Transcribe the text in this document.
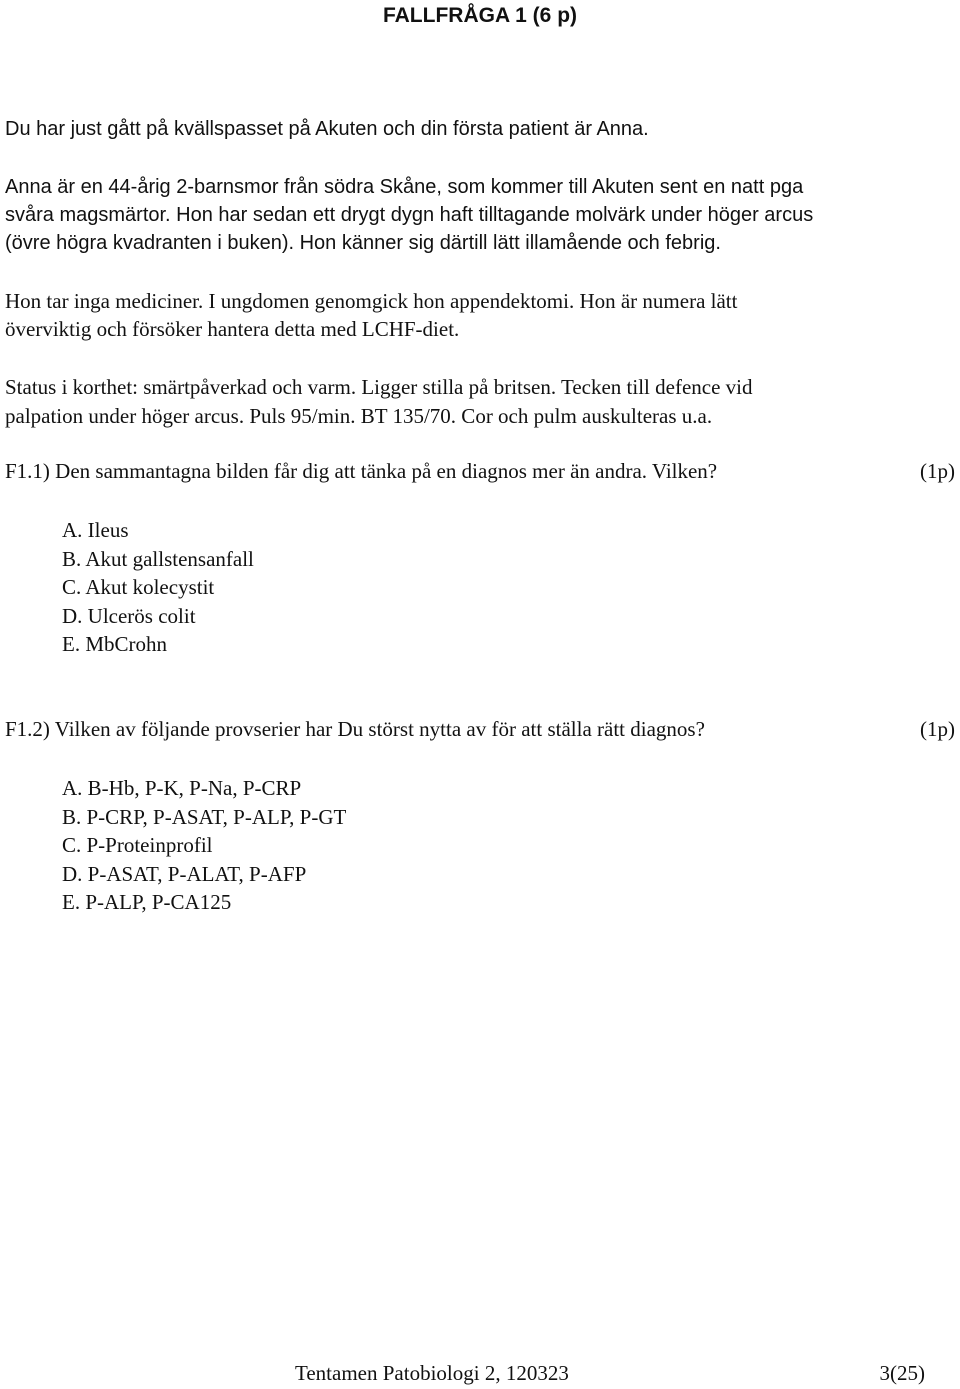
FALLFRÅGA 1 (6 p)
Du har just gått på kvällspasset på Akuten och din första patient är Anna.
Anna är en 44-årig 2-barnsmor från södra Skåne, som kommer till Akuten sent en natt pga
svåra magsmärtor. Hon har sedan ett drygt dygn haft tilltagande molvärk under höger arcus
(övre högra kvadranten i buken). Hon känner sig därtill lätt illamående och febrig.
Hon tar inga mediciner. I ungdomen genomgick hon appendektomi. Hon är numera lätt
överviktig och försöker hantera detta med LCHF-diet.
Status i korthet: smärtpåverkad och varm. Ligger stilla på britsen. Tecken till defence vid
palpation under höger arcus. Puls 95/min. BT 135/70. Cor och pulm auskulteras u.a.
F1.1) Den sammantagna bilden får dig att tänka på en diagnos mer än andra. Vilken?	(1p)
A. Ileus
B. Akut gallstensanfall
C. Akut kolecystit
D. Ulcerös colit
E. MbCrohn
F1.2) Vilken av följande provserier har Du störst nytta av för att ställa rätt diagnos?	(1p)
A. B-Hb, P-K, P-Na, P-CRP
B. P-CRP, P-ASAT, P-ALP, P-GT
C. P-Proteinprofil
D. P-ASAT, P-ALAT, P-AFP
E. P-ALP, P-CA125
Tentamen Patobiologi 2, 120323	3(25)
